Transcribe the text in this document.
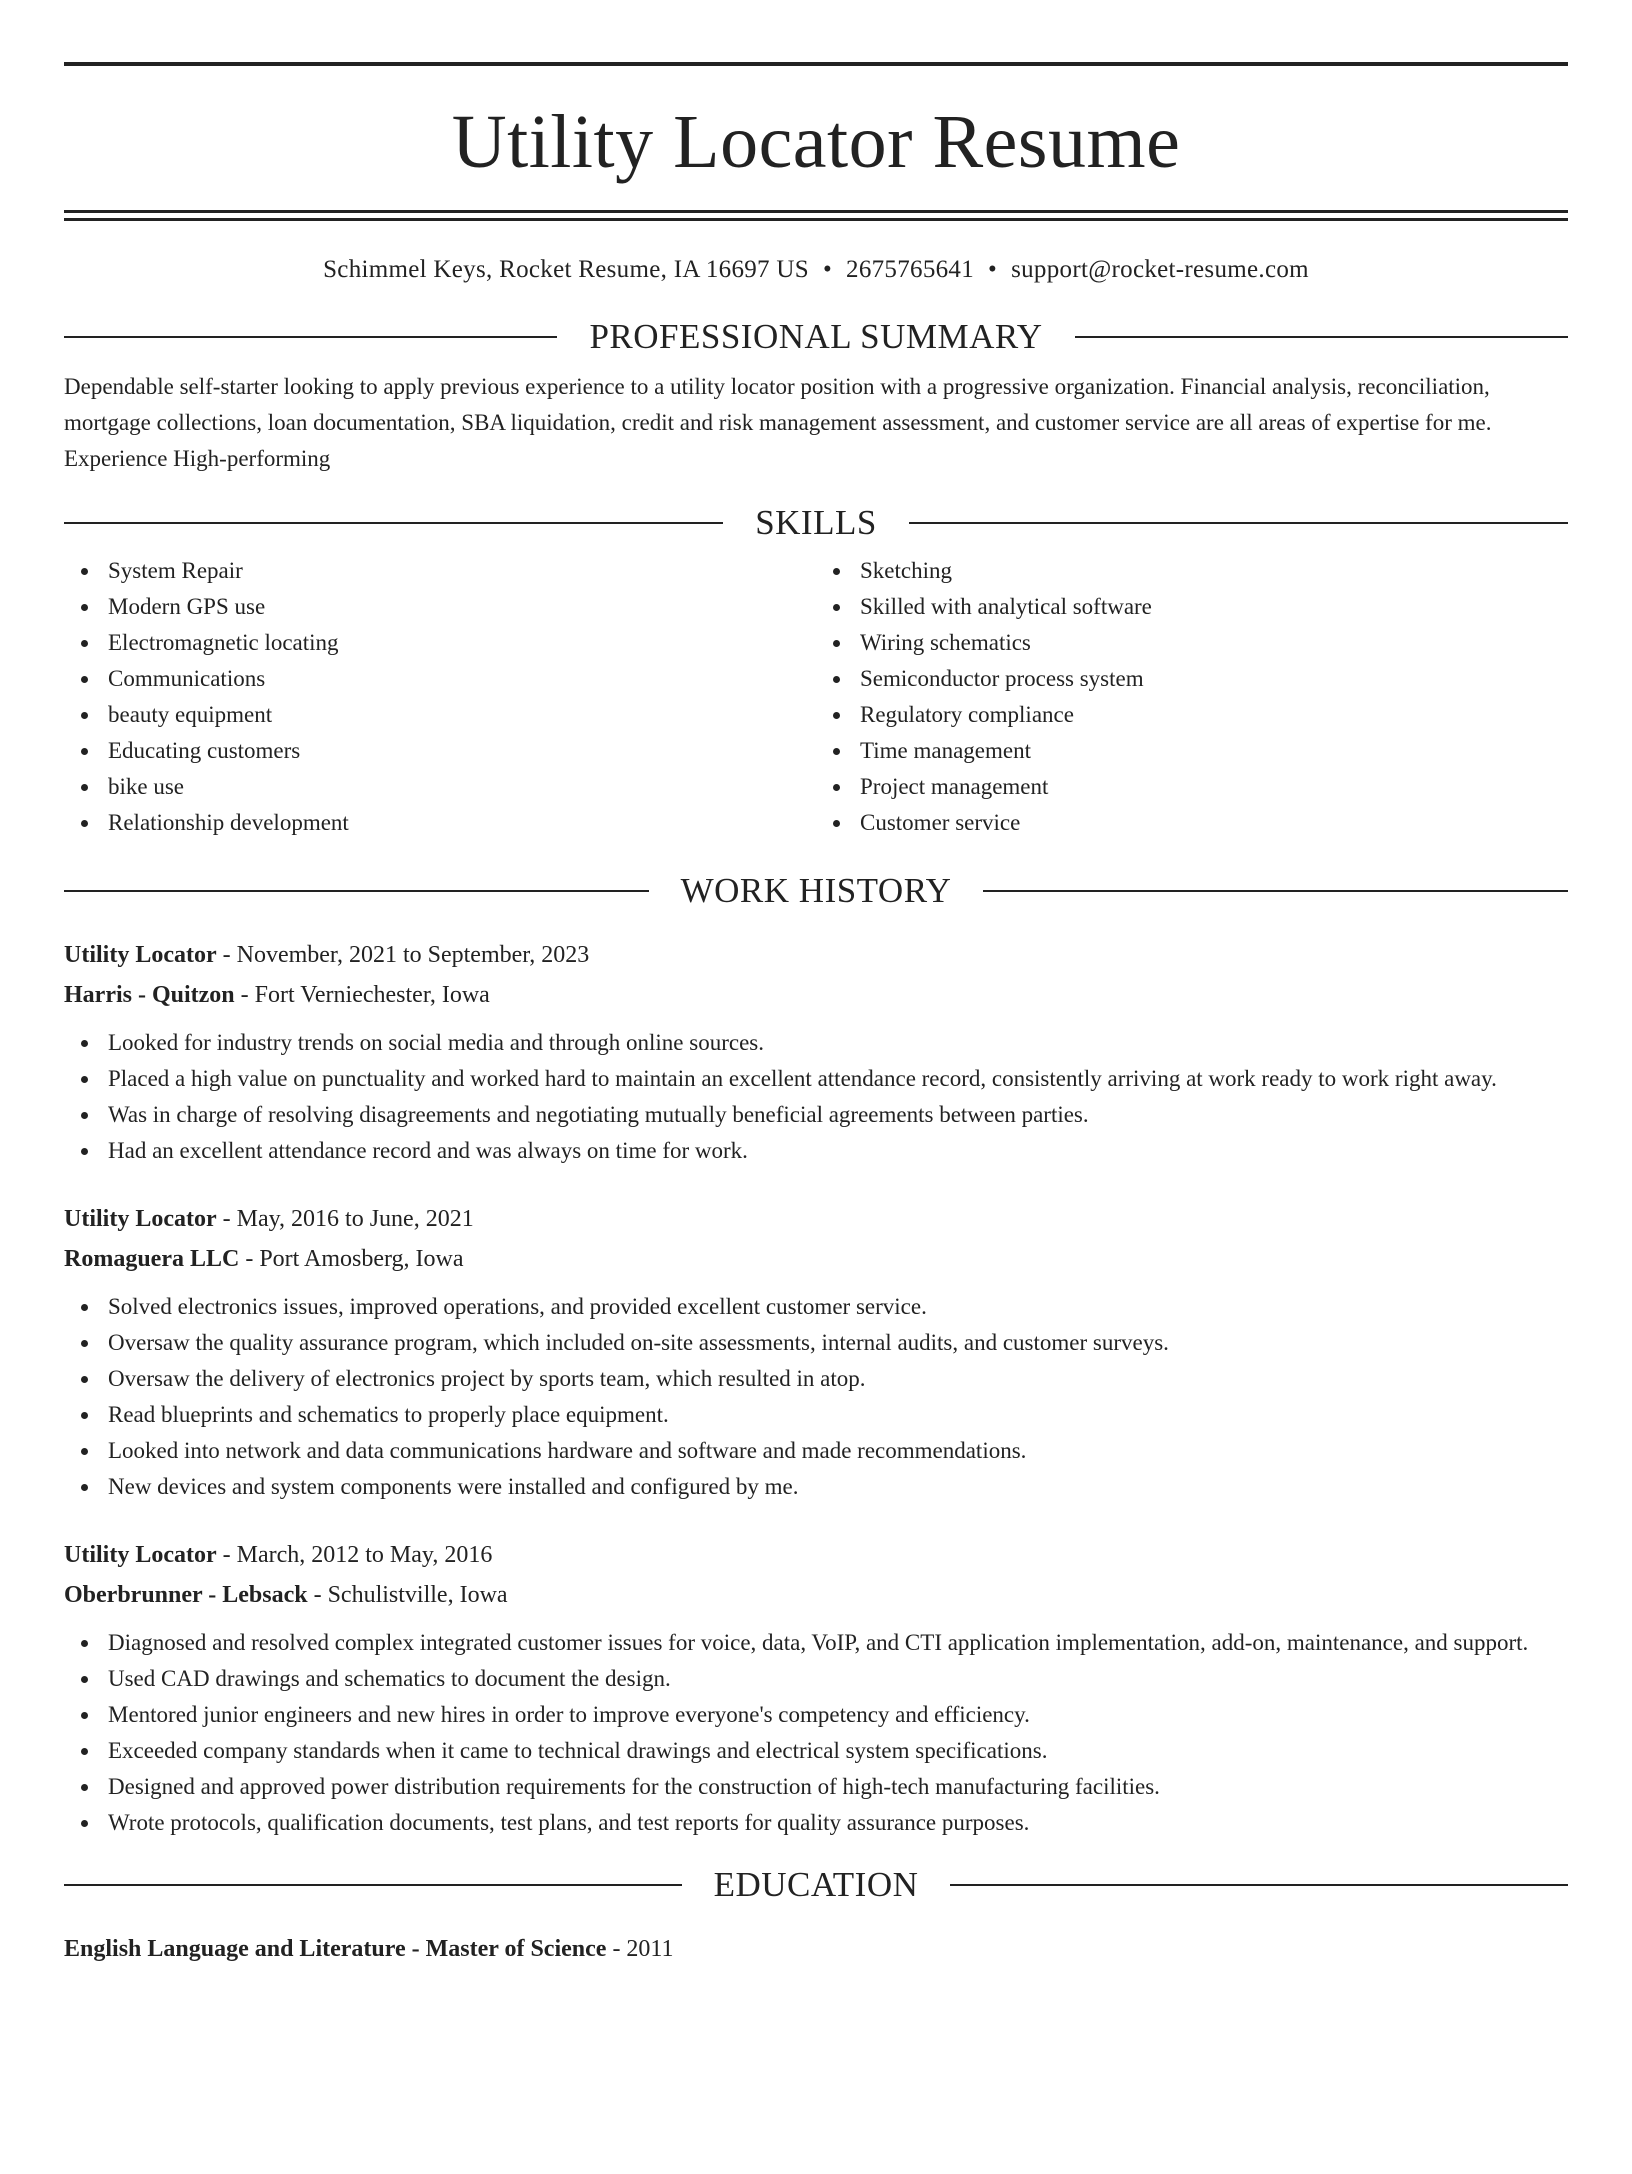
Utility Locator Resume
Schimmel Keys, Rocket Resume, IA 16697 US • 2675765641 • support@rocket-resume.com
PROFESSIONAL SUMMARY

Dependable self-starter looking to apply previous experience to a utility locator position with a progressive organization. Financial analysis, reconciliation, mortgage collections, loan documentation, SBA liquidation, credit and risk management assessment, and customer service are all areas of expertise for me. Experience High-performing

SKILLS
System Repair
Modern GPS use
Electromagnetic locating
Communications
beauty equipment
Educating customers
bike use
Relationship development
Sketching
Skilled with analytical software
Wiring schematics
Semiconductor process system
Regulatory compliance
Time management
Project management
Customer service
WORK HISTORY
Utility Locator - November, 2021 to September, 2023
Harris - Quitzon - Fort Verniechester, Iowa
Looked for industry trends on social media and through online sources.
Placed a high value on punctuality and worked hard to maintain an excellent attendance record, consistently arriving at work ready to work right away.
Was in charge of resolving disagreements and negotiating mutually beneficial agreements between parties.
Had an excellent attendance record and was always on time for work.
Utility Locator - May, 2016 to June, 2021
Romaguera LLC - Port Amosberg, Iowa
Solved electronics issues, improved operations, and provided excellent customer service.
Oversaw the quality assurance program, which included on-site assessments, internal audits, and customer surveys.
Oversaw the delivery of electronics project by sports team, which resulted in atop.
Read blueprints and schematics to properly place equipment.
Looked into network and data communications hardware and software and made recommendations.
New devices and system components were installed and configured by me.
Utility Locator - March, 2012 to May, 2016
Oberbrunner - Lebsack - Schulistville, Iowa
Diagnosed and resolved complex integrated customer issues for voice, data, VoIP, and CTI application implementation, add-on, maintenance, and support.
Used CAD drawings and schematics to document the design.
Mentored junior engineers and new hires in order to improve everyone's competency and efficiency.
Exceeded company standards when it came to technical drawings and electrical system specifications.
Designed and approved power distribution requirements for the construction of high-tech manufacturing facilities.
Wrote protocols, qualification documents, test plans, and test reports for quality assurance purposes.
EDUCATION
English Language and Literature - Master of Science - 2011
